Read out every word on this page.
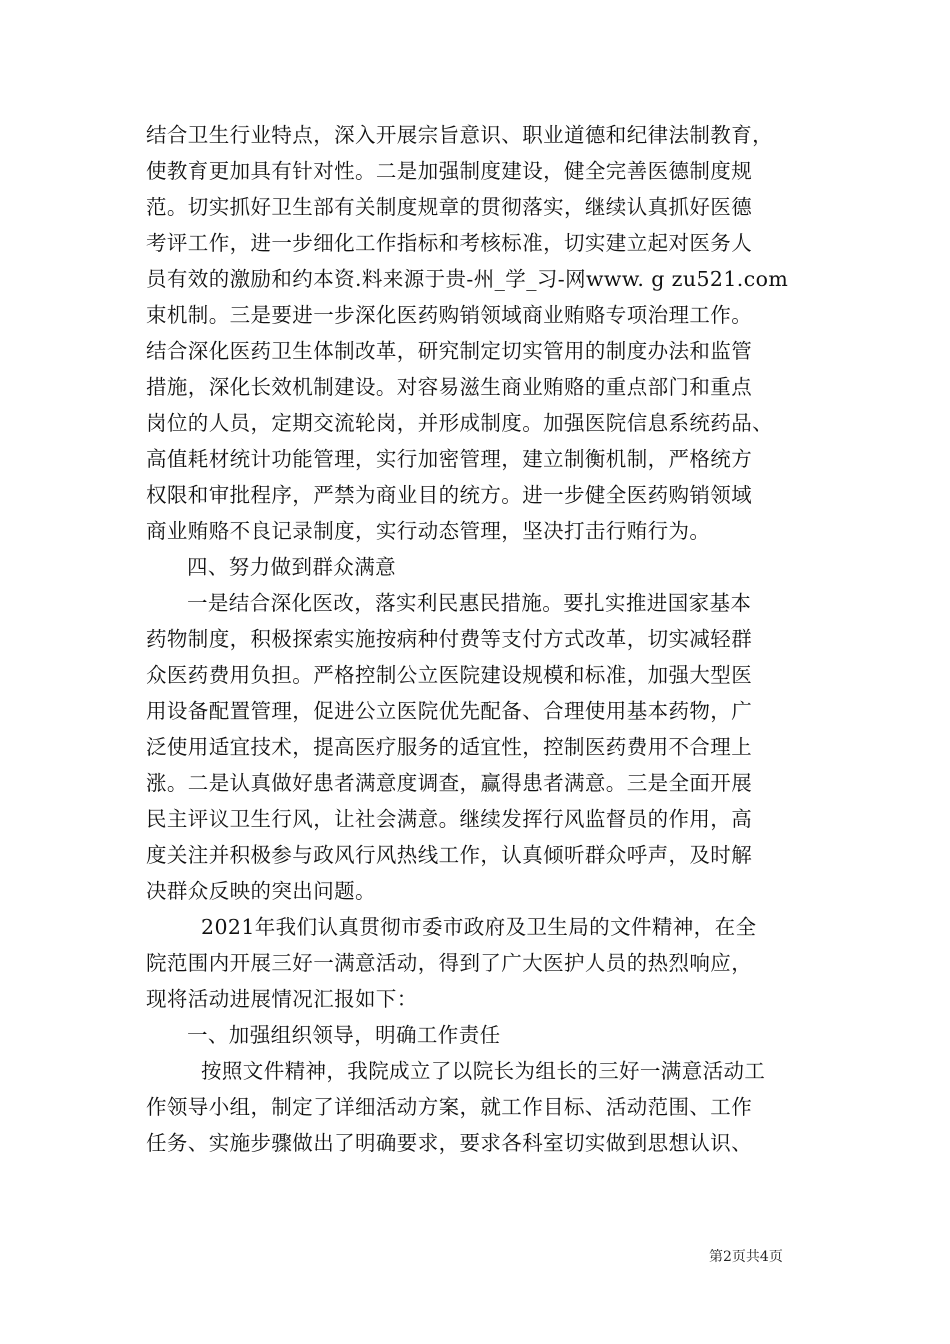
结合卫生行业特点，深入开展宗旨意识、职业道德和纪律法制教育，
使教育更加具有针对性。二是加强制度建设，健全完善医德制度规
范。切实抓好卫生部有关制度规章的贯彻落实，继续认真抓好医德
考评工作，进一步细化工作指标和考核标准，切实建立起对医务人
员有效的激励和约本资.料来源于贵-州_学_习-网www. g zu521.com
束机制。三是要进一步深化医药购销领域商业贿赂专项治理工作。
结合深化医药卫生体制改革，研究制定切实管用的制度办法和监管
措施，深化长效机制建设。对容易滋生商业贿赂的重点部门和重点
岗位的人员，定期交流轮岗，并形成制度。加强医院信息系统药品、
高值耗材统计功能管理，实行加密管理，建立制衡机制，严格统方
权限和审批程序，严禁为商业目的统方。进一步健全医药购销领域
商业贿赂不良记录制度，实行动态管理，坚决打击行贿行为。
四、努力做到群众满意
一是结合深化医改，落实利民惠民措施。要扎实推进国家基本
药物制度，积极探索实施按病种付费等支付方式改革，切实减轻群
众医药费用负担。严格控制公立医院建设规模和标准，加强大型医
用设备配置管理，促进公立医院优先配备、合理使用基本药物，广
泛使用适宜技术，提高医疗服务的适宜性，控制医药费用不合理上
涨。二是认真做好患者满意度调查，赢得患者满意。三是全面开展
民主评议卫生行风，让社会满意。继续发挥行风监督员的作用，高
度关注并积极参与政风行风热线工作，认真倾听群众呼声，及时解
决群众反映的突出问题。
2021年我们认真贯彻市委市政府及卫生局的文件精神，在全
院范围内开展三好一满意活动，得到了广大医护人员的热烈响应，
现将活动进展情况汇报如下：
一、加强组织领导，明确工作责任
按照文件精神，我院成立了以院长为组长的三好一满意活动工
作领导小组，制定了详细活动方案，就工作目标、活动范围、工作
任务、实施步骤做出了明确要求，要求各科室切实做到思想认识、
第2页共4页
